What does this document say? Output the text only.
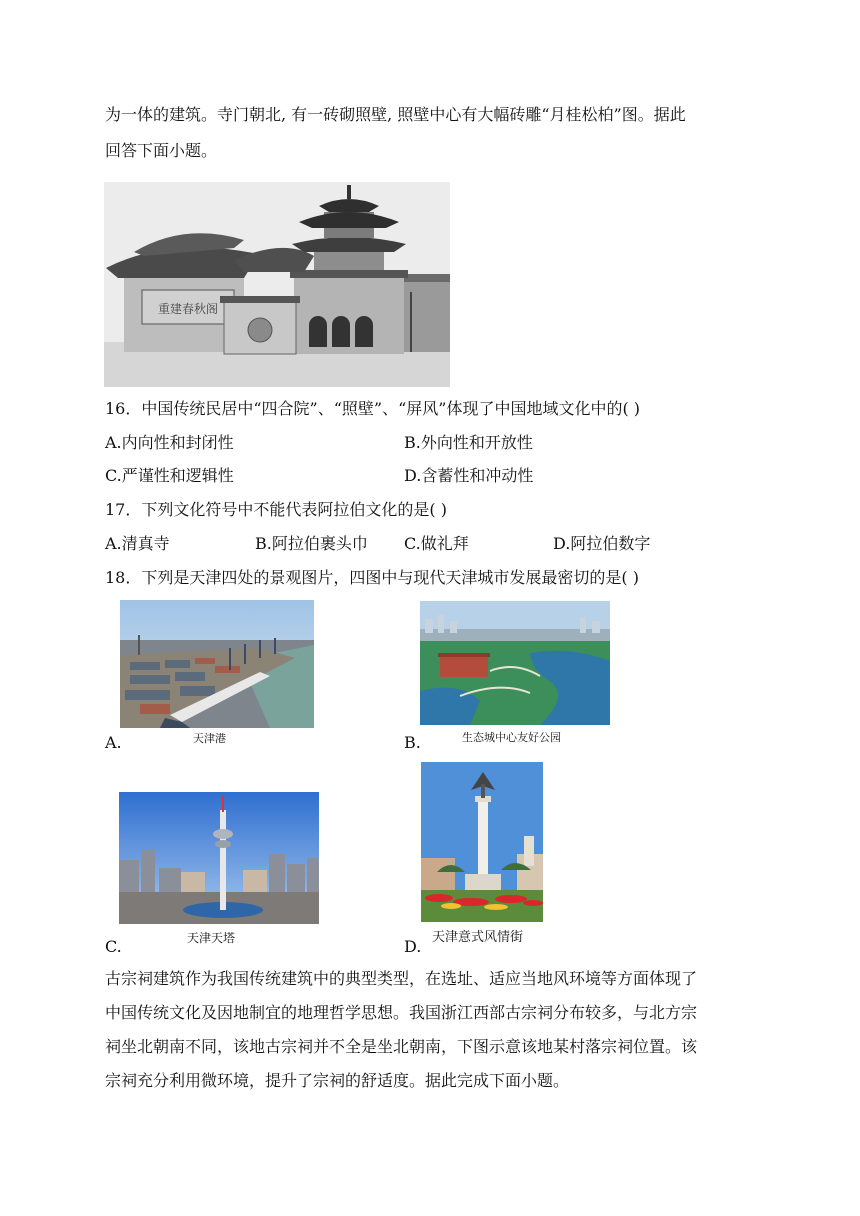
为一体的建筑。寺门朝北, 有一砖砌照壁, 照壁中心有大幅砖雕“月桂松柏”图。据此
回答下面小题。
重建春秋阁
16．中国传统民居中“四合院”、“照壁”、“屏风”体现了中国地域文化中的( )
A.内向性和封闭性	B.外向性和开放性
C.严谨性和逻辑性	D.含蓄性和冲动性
17．下列文化符号中不能代表阿拉伯文化的是( )
A.清真寺	B.阿拉伯裹头巾 C.做礼拜	D.阿拉伯数字
18．下列是天津四处的景观图片，四图中与现代天津城市发展最密切的是( )
A.	天津港	B.	生态城中心友好公园
C.	天津天塔	D. 天津意式风情街
古宗祠建筑作为我国传统建筑中的典型类型，在选址、适应当地风环境等方面体现了
中国传统文化及因地制宜的地理哲学思想。我国浙江西部古宗祠分布较多，与北方宗
祠坐北朝南不同，该地古宗祠并不全是坐北朝南，下图示意该地某村落宗祠位置。该
宗祠充分利用微环境，提升了宗祠的舒适度。据此完成下面小题。
